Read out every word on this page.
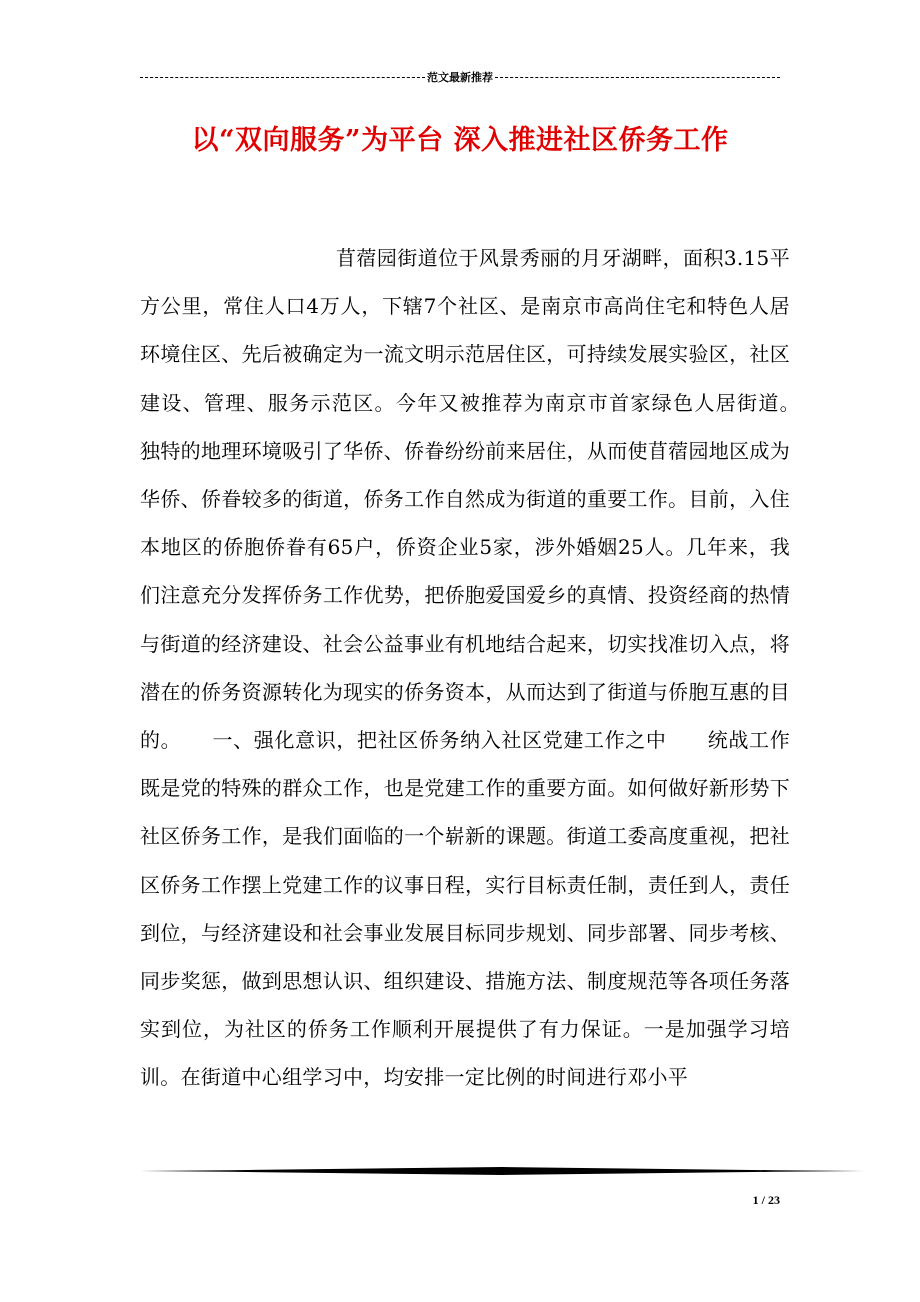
范文最新推荐
以“双向服务”为平台 深入推进社区侨务工作
苜蓿园街道位于风景秀丽的月牙湖畔，面积3.15平方公里，常住人口4万人，下辖7个社区、是南京市高尚住宅和特色人居环境住区、先后被确定为一流文明示范居住区，可持续发展实验区，社区建设、管理、服务示范区。今年又被推荐为南京市首家绿色人居街道。　　独特的地理环境吸引了华侨、侨眷纷纷前来居住，从而使苜蓿园地区成为华侨、侨眷较多的街道，侨务工作自然成为街道的重要工作。目前，入住本地区的侨胞侨眷有65户，侨资企业5家，涉外婚姻25人。几年来，我们注意充分发挥侨务工作优势，把侨胞爱国爱乡的真情、投资经商的热情与街道的经济建设、社会公益事业有机地结合起来，切实找准切入点，将潜在的侨务资源转化为现实的侨务资本，从而达到了街道与侨胞互惠的目的。　　一、强化意识，把社区侨务纳入社区党建工作之中　　统战工作既是党的特殊的群众工作，也是党建工作的重要方面。如何做好新形势下社区侨务工作，是我们面临的一个崭新的课题。街道工委高度重视，把社区侨务工作摆上党建工作的议事日程，实行目标责任制，责任到人，责任到位，与经济建设和社会事业发展目标同步规划、同步部署、同步考核、同步奖惩，做到思想认识、组织建设、措施方法、制度规范等各项任务落实到位，为社区的侨务工作顺利开展提供了有力保证。一是加强学习培训。在街道中心组学习中，均安排一定比例的时间进行邓小平
1 / 23
